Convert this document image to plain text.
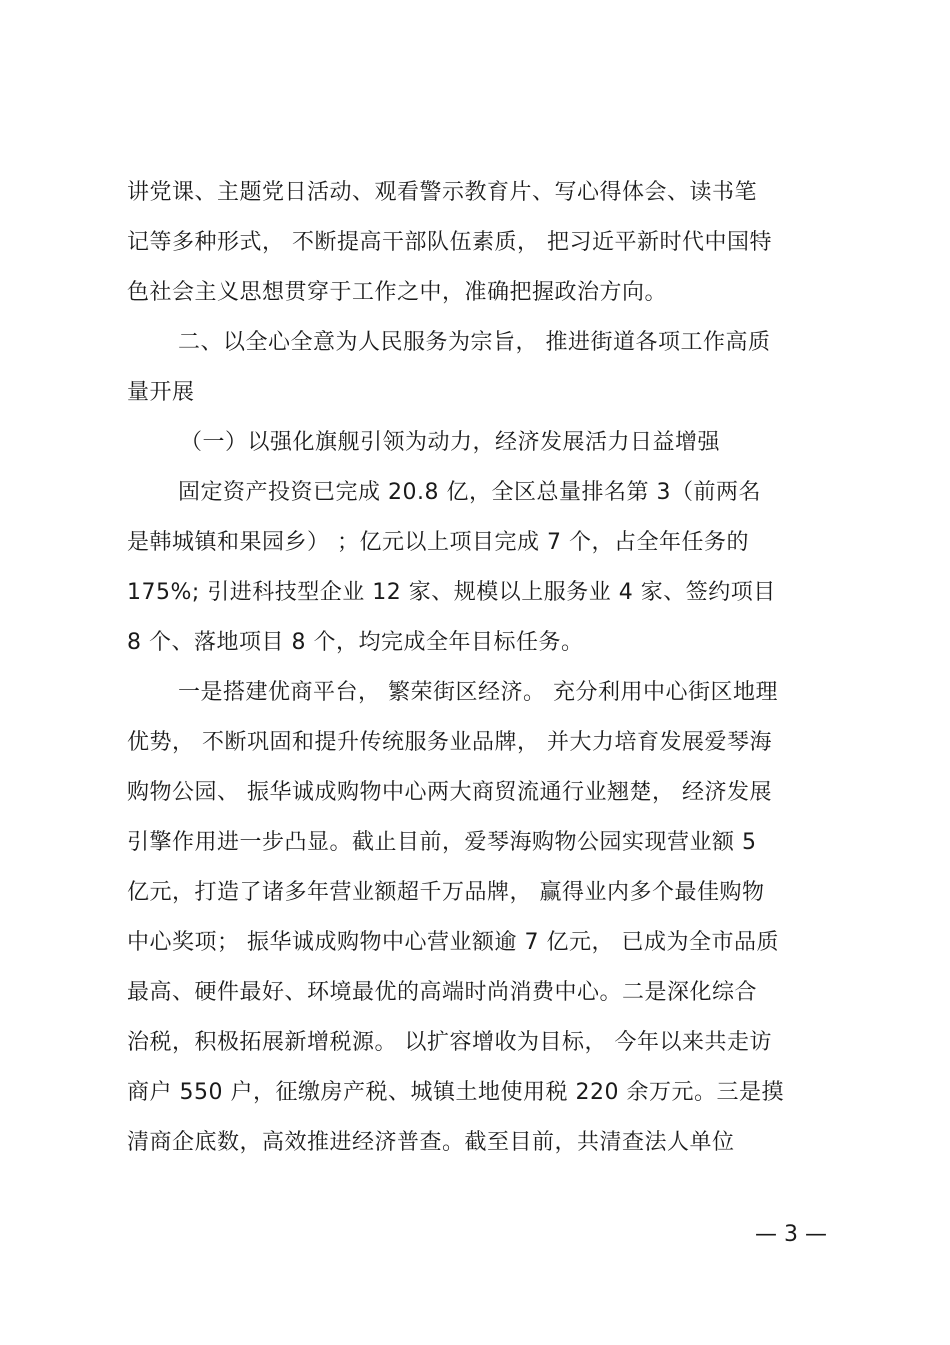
讲党课、主题党日活动、观看警示教育片、写心得体会、读书笔
记等多种形式， 不断提高干部队伍素质， 把习近平新时代中国特
色社会主义思想贯穿于工作之中，准确把握政治方向。
二、以全心全意为人民服务为宗旨， 推进街道各项工作高质
量开展
（一）以强化旗舰引领为动力，经济发展活力日益增强
固定资产投资已完成 20.8 亿，全区总量排名第 3（前两名
是韩城镇和果园乡） ；亿元以上项目完成 7 个，占全年任务的
175%; 引进科技型企业 12 家、规模以上服务业 4 家、签约项目
8 个、落地项目 8 个，均完成全年目标任务。
一是搭建优商平台， 繁荣街区经济。 充分利用中心街区地理
优势， 不断巩固和提升传统服务业品牌， 并大力培育发展爱琴海
购物公园、 振华诚成购物中心两大商贸流通行业翘楚， 经济发展
引擎作用进一步凸显。截止目前，爱琴海购物公园实现营业额 5
亿元，打造了诸多年营业额超千万品牌， 赢得业内多个最佳购物
中心奖项； 振华诚成购物中心营业额逾 7 亿元， 已成为全市品质
最高、硬件最好、环境最优的高端时尚消费中心。二是深化综合
治税，积极拓展新增税源。 以扩容增收为目标， 今年以来共走访
商户 550 户，征缴房产税、城镇土地使用税 220 余万元。三是摸
清商企底数，高效推进经济普查。截至目前，共清查法人单位
— 3 —
